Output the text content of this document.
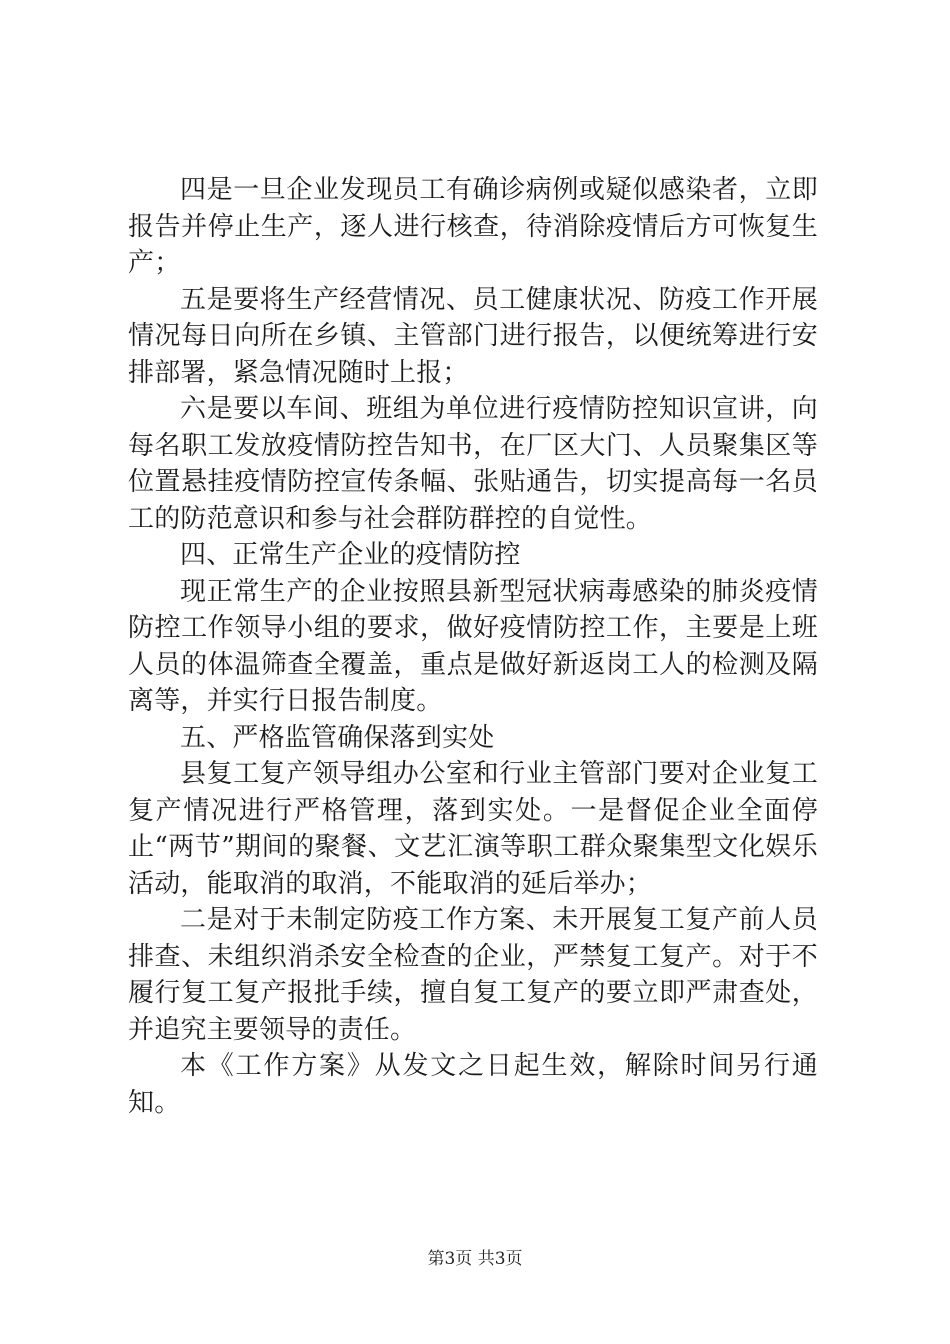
四是一旦企业发现员工有确诊病例或疑似感染者，立即报告并停止生产，逐人进行核查，待消除疫情后方可恢复生产；

五是要将生产经营情况、员工健康状况、防疫工作开展情况每日向所在乡镇、主管部门进行报告，以便统筹进行安排部署，紧急情况随时上报；

六是要以车间、班组为单位进行疫情防控知识宣讲，向每名职工发放疫情防控告知书，在厂区大门、人员聚集区等位置悬挂疫情防控宣传条幅、张贴通告，切实提高每一名员工的防范意识和参与社会群防群控的自觉性。

四、正常生产企业的疫情防控

现正常生产的企业按照县新型冠状病毒感染的肺炎疫情防控工作领导小组的要求，做好疫情防控工作，主要是上班人员的体温筛查全覆盖，重点是做好新返岗工人的检测及隔离等，并实行日报告制度。

五、严格监管确保落到实处

县复工复产领导组办公室和行业主管部门要对企业复工复产情况进行严格管理，落到实处。一是督促企业全面停止“两节”期间的聚餐、文艺汇演等职工群众聚集型文化娱乐活动，能取消的取消，不能取消的延后举办；

二是对于未制定防疫工作方案、未开展复工复产前人员排查、未组织消杀安全检查的企业，严禁复工复产。对于不履行复工复产报批手续，擅自复工复产的要立即严肃查处，并追究主要领导的责任。

本《工作方案》从发文之日起生效，解除时间另行通知。

第3页 共3页
